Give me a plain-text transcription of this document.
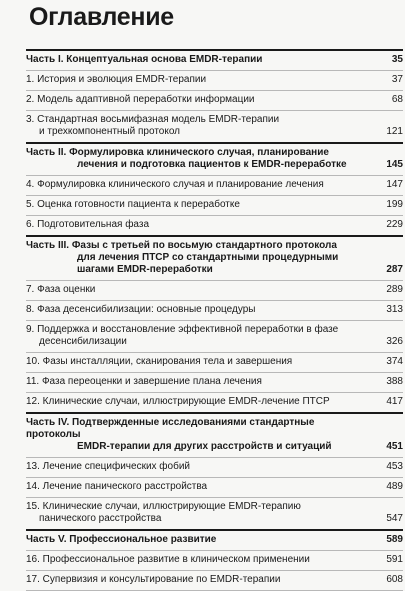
Оглавление
Часть I. Концептуальная основа EMDR-терапии	35
1. История и эволюция EMDR-терапии	37
2. Модель адаптивной переработки информации	68
3. Стандартная восьмифазная модель EMDR-терапии
и трехкомпонентный протокол	121
Часть II. Формулировка клинического случая, планирование
лечения и подготовка пациентов к EMDR-переработке	145
4. Формулировка клинического случая и планирование лечения	147
5. Оценка готовности пациента к переработке	199
6. Подготовительная фаза	229
Часть III. Фазы с третьей по восьмую стандартного протокола
для лечения ПТСР со стандартными процедурными
шагами EMDR-переработки	287
7. Фаза оценки	289
8. Фаза десенсибилизации: основные процедуры	313
9. Поддержка и восстановление эффективной переработки в фазе
десенсибилизации	326
10. Фазы инсталляции, сканирования тела и завершения	374
11. Фаза переоценки и завершение плана лечения	388
12. Клинические случаи, иллюстрирующие EMDR-лечение ПТСР	417
Часть IV. Подтвержденные исследованиями стандартные протоколы
EMDR-терапии для других расстройств и ситуаций	451
13. Лечение специфических фобий	453
14. Лечение панического расстройства	489
15. Клинические случаи, иллюстрирующие EMDR-терапию
панического расстройства	547
Часть V. Профессиональное развитие	589
16. Профессиональное развитие в клиническом применении	591
17. Супервизия и консультирование по EMDR-терапии	608
